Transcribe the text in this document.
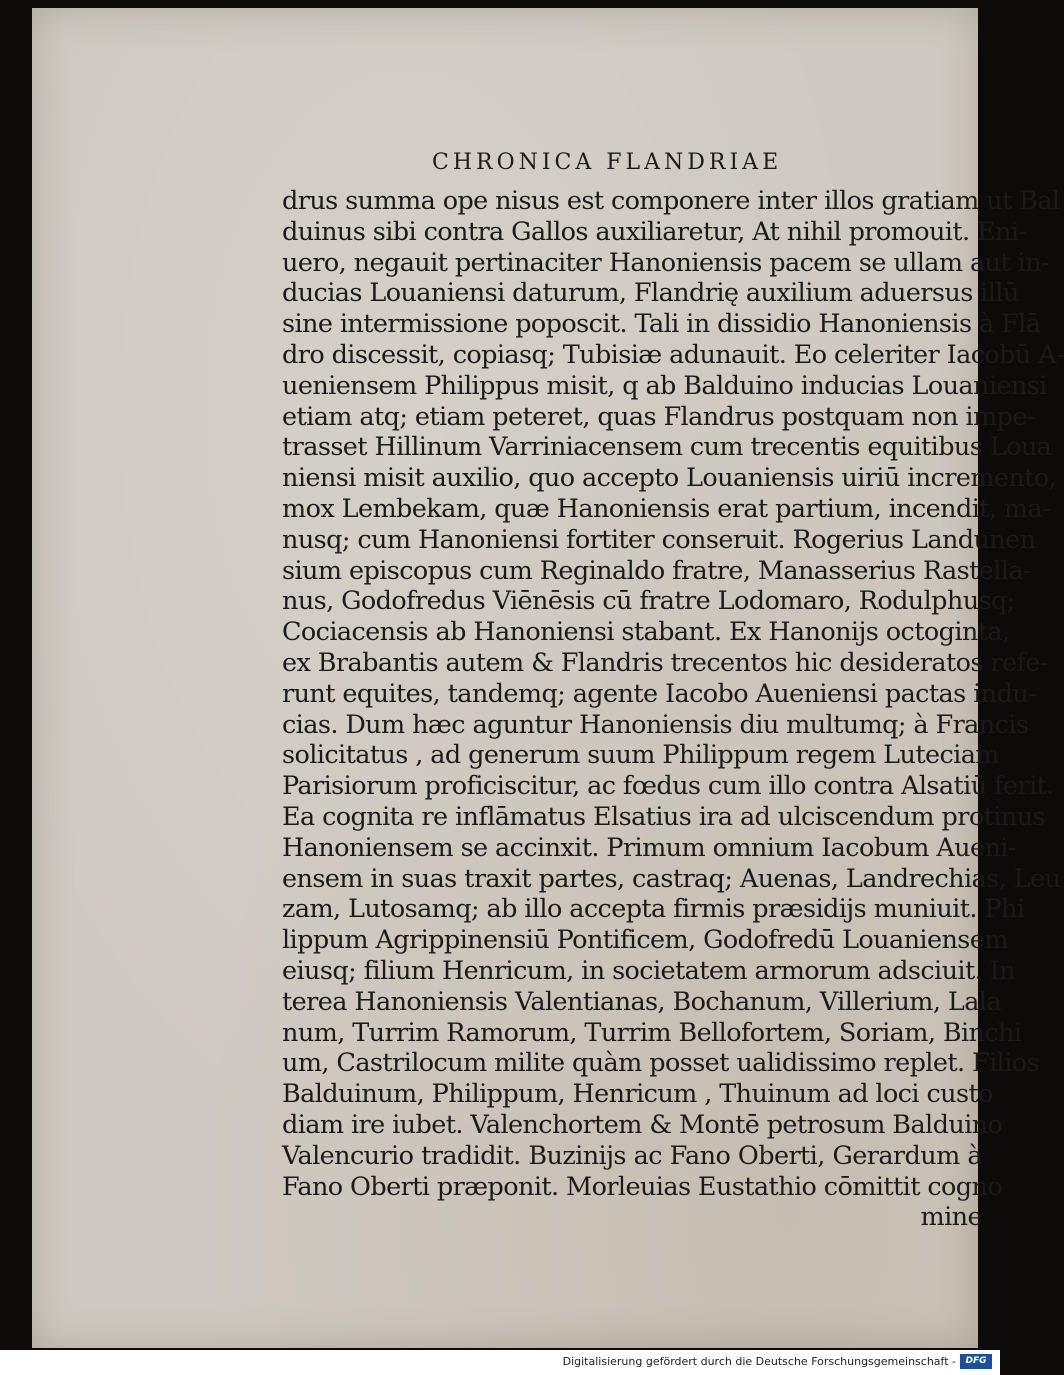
CHRONICA FLANDRIAE
drus summa ope nisus est componere inter illos gratiam ut Bal
duinus sibi contra Gallos auxiliaretur, At nihil promouit. Eni-
uero, negauit pertinaciter Hanoniensis pacem se ullam aut in-
ducias Louaniensi daturum, Flandrię auxilium aduersus illū
sine intermissione poposcit. Tali in dissidio Hanoniensis à Flā
dro discessit, copiasq; Tubisiæ adunauit. Eo celeriter Iacobū A-
ueniensem Philippus misit, q ab Balduino inducias Louaniensi
etiam atq; etiam peteret, quas Flandrus postquam non impe-
trasset Hillinum Varriniacensem cum trecentis equitibus Loua
niensi misit auxilio, quo accepto Louaniensis uiriū incremento,
mox Lembekam, quæ Hanoniensis erat partium, incendit, ma-
nusq; cum Hanoniensi fortiter conseruit. Rogerius Landunen
sium episcopus cum Reginaldo fratre, Manasserius Rastella-
nus, Godofredus Viēnēsis cū fratre Lodomaro, Rodulphusq;
Cociacensis ab Hanoniensi stabant. Ex Hanonijs octoginta,
ex Brabantis autem & Flandris trecentos hic desideratos refe-
runt equites, tandemq; agente Iacobo Aueniensi pactas indu-
cias. Dum hæc aguntur Hanoniensis diu multumq; à Francis
solicitatus , ad generum suum Philippum regem Luteciam
Parisiorum proficiscitur, ac fœdus cum illo contra Alsatiū ferit.
Ea cognita re inflāmatus Elsatius ira ad ulciscendum protinus
Hanoniensem se accinxit. Primum omnium Iacobum Aueni-
ensem in suas traxit partes, castraq; Auenas, Landrechias, Leu
zam, Lutosamq; ab illo accepta firmis præsidijs muniuit. Phi
lippum Agrippinensiū Pontificem, Godofredū Louaniensem
eiusq; filium Henricum, in societatem armorum adsciuit. In
terea Hanoniensis Valentianas, Bochanum, Villerium, Lala
num, Turrim Ramorum, Turrim Bellofortem, Soriam, Binchi
um, Castrilocum milite quàm posset ualidissimo replet. Filios
Balduinum, Philippum, Henricum , Thuinum ad loci custo
diam ire iubet. Valenchortem & Montē petrosum Balduino
Valencurio tradidit. Buzinijs ac Fano Oberti, Gerardum à
Fano Oberti præponit. Morleuias Eustathio cōmittit cogno
mine
Digitalisierung gefördert durch die Deutsche Forschungsgemeinschaft -	DFG
